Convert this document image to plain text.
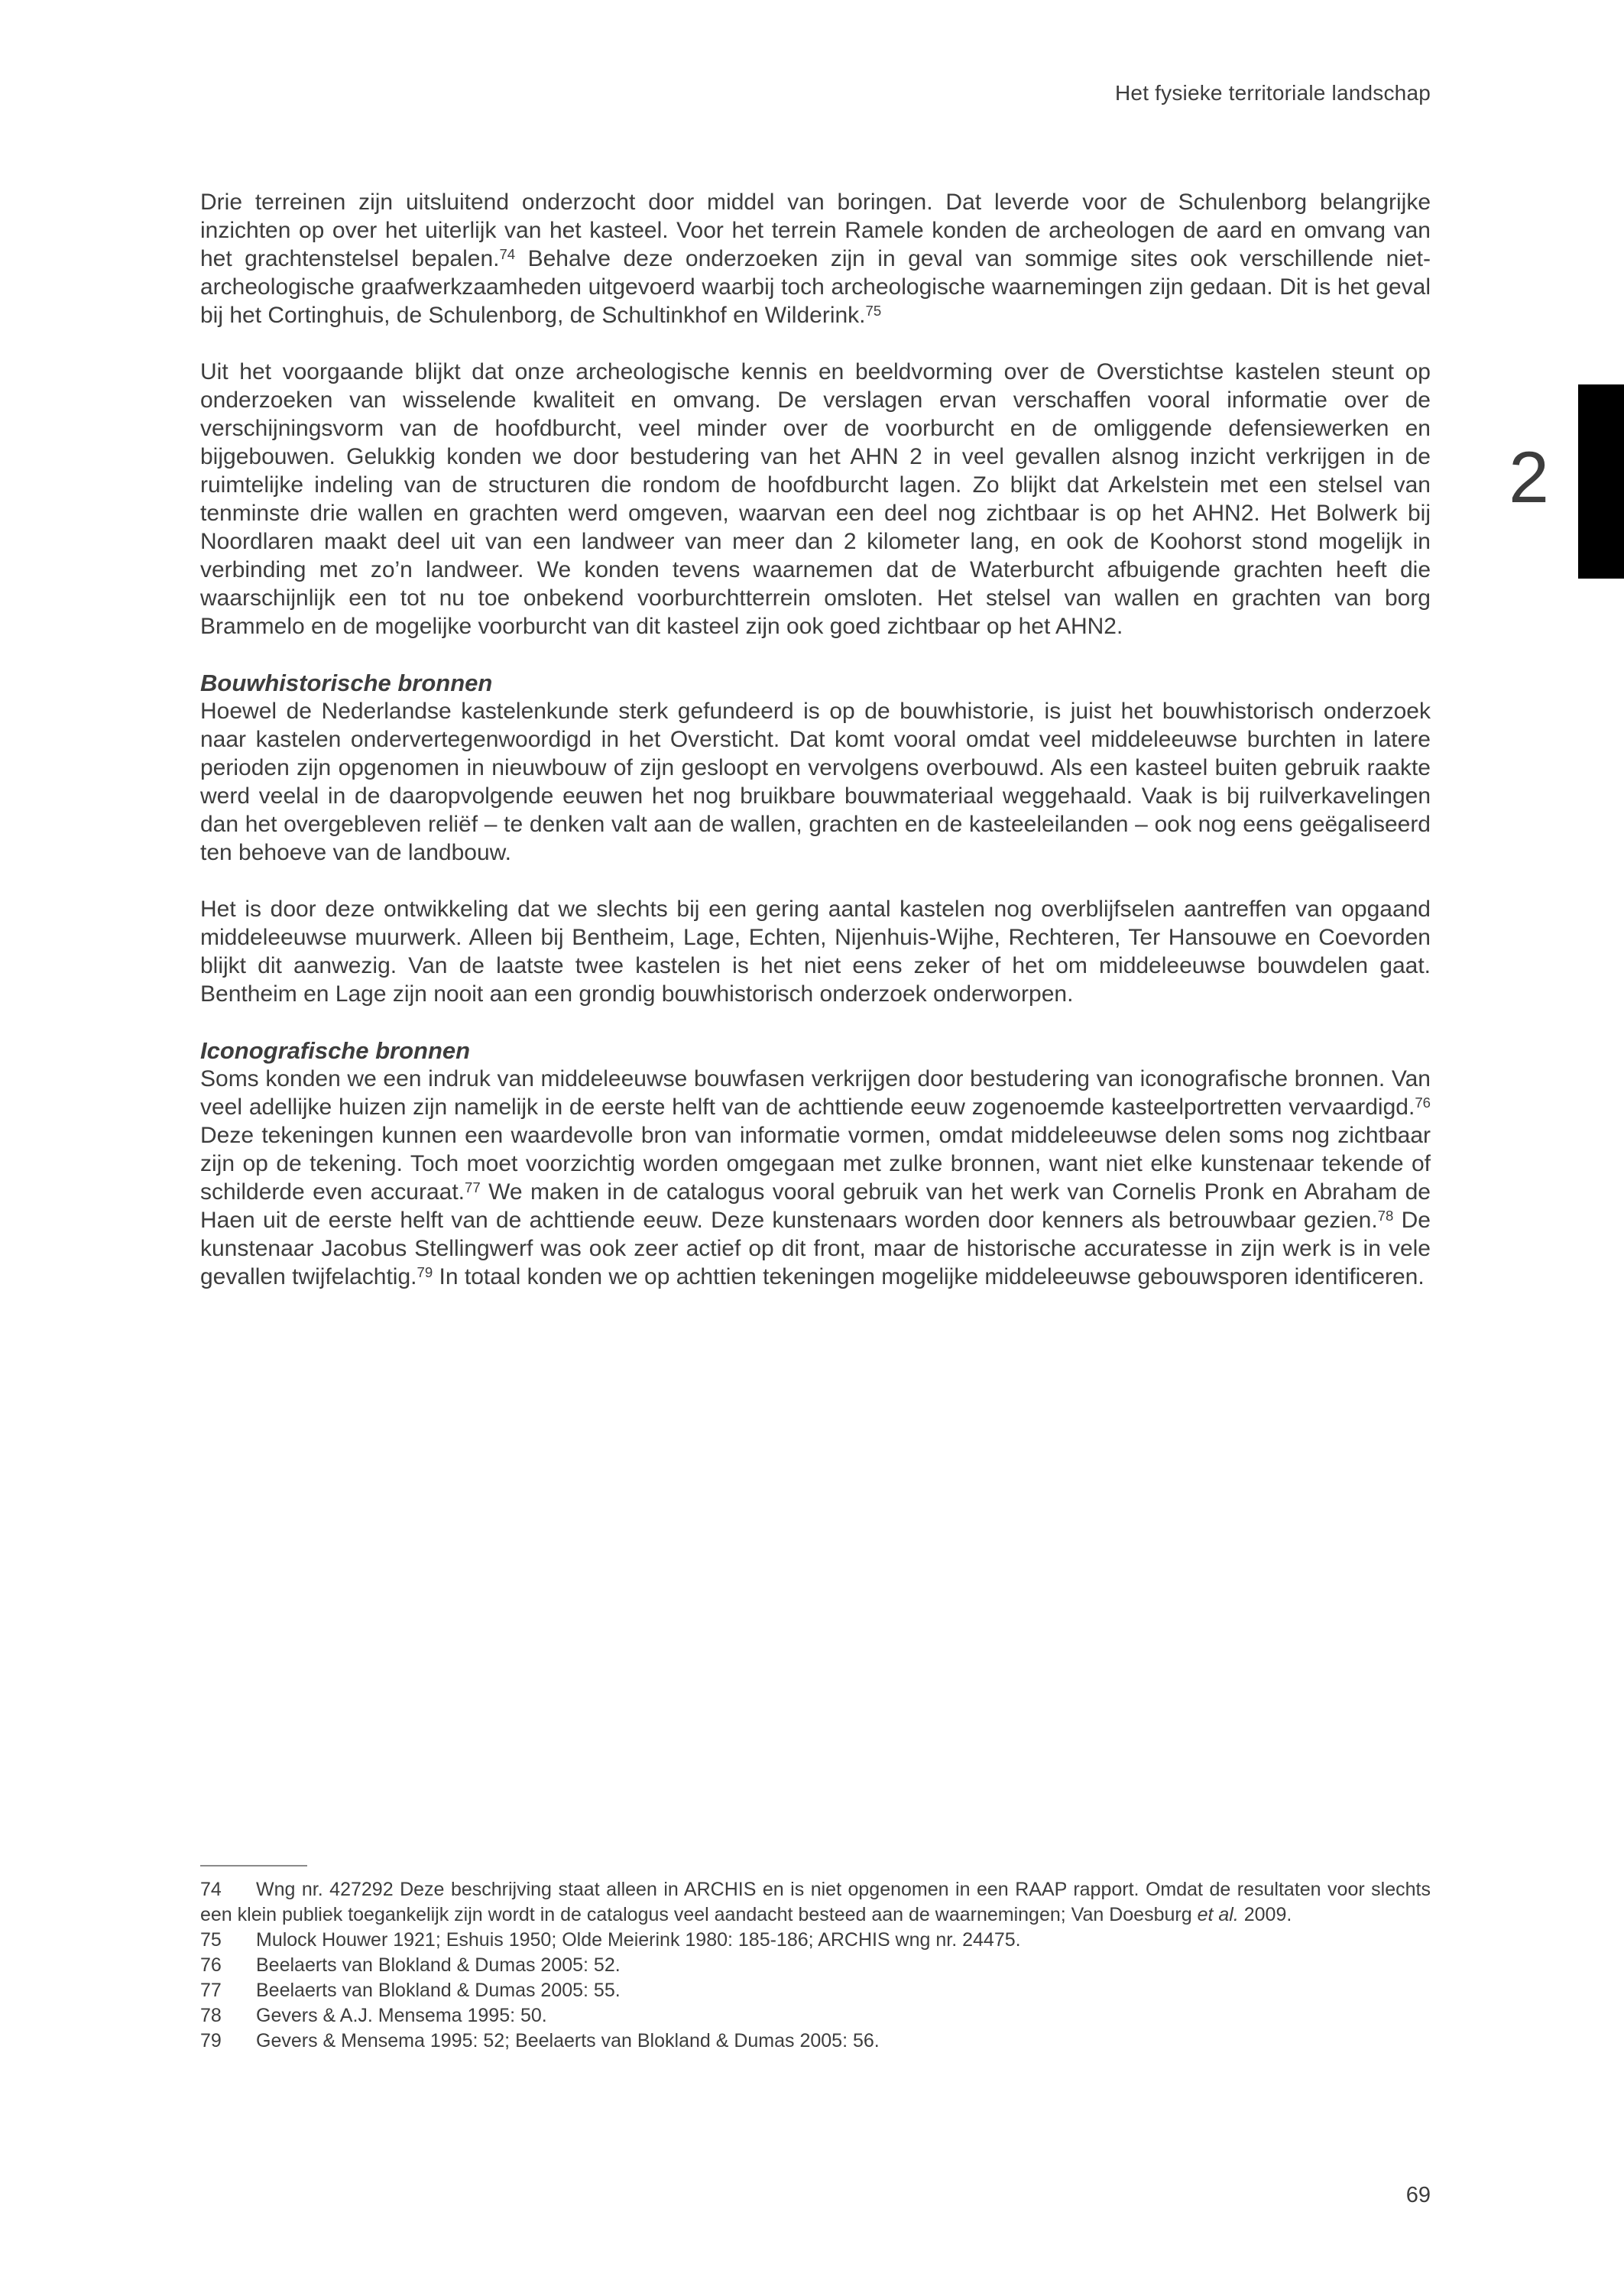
Het fysieke territoriale landschap
2

Drie terreinen zijn uitsluitend onderzocht door middel van boringen. Dat leverde voor de Schulenborg belangrijke inzichten op over het uiterlijk van het kasteel. Voor het terrein Ramele konden de archeologen de aard en omvang van het grachtenstelsel bepalen.$^{74}$ Behalve deze onderzoeken zijn in geval van sommige sites ook verschillende niet-archeologische graafwerkzaamheden uitgevoerd waarbij toch archeologische waarnemingen zijn gedaan. Dit is het geval bij het Cortinghuis, de Schulenborg, de Schultinkhof en Wilderink.$^{75}$

Uit het voorgaande blijkt dat onze archeologische kennis en beeldvorming over de Overstichtse kastelen steunt op onderzoeken van wisselende kwaliteit en omvang. De verslagen ervan verschaffen vooral informatie over de verschijningsvorm van de hoofdburcht, veel minder over de voorburcht en de omliggende defensiewerken en bijgebouwen. Gelukkig konden we door bestudering van het AHN 2 in veel gevallen alsnog inzicht verkrijgen in de ruimtelijke indeling van de structuren die rondom de hoofdburcht lagen. Zo blijkt dat Arkelstein met een stelsel van tenminste drie wallen en grachten werd omgeven, waarvan een deel nog zichtbaar is op het AHN2. Het Bolwerk bij Noordlaren maakt deel uit van een landweer van meer dan 2 kilometer lang, en ook de Koohorst stond mogelijk in verbinding met zo’n landweer. We konden tevens waarnemen dat de Waterburcht afbuigende grachten heeft die waarschijnlijk een tot nu toe onbekend voorburchtterrein omsloten. Het stelsel van wallen en grachten van borg Brammelo en de mogelijke voorburcht van dit kasteel zijn ook goed zichtbaar op het AHN2.

Bouwhistorische bronnen

Hoewel de Nederlandse kastelenkunde sterk gefundeerd is op de bouwhistorie, is juist het bouwhistorisch onderzoek naar kastelen ondervertegenwoordigd in het Oversticht. Dat komt vooral omdat veel middeleeuwse burchten in latere perioden zijn opgenomen in nieuwbouw of zijn gesloopt en vervolgens overbouwd. Als een kasteel buiten gebruik raakte werd veelal in de daaropvolgende eeuwen het nog bruikbare bouwmateriaal weggehaald. Vaak is bij ruilverkavelingen dan het overgebleven reliëf – te denken valt aan de wallen, grachten en de kasteeleilanden – ook nog eens geëgaliseerd ten behoeve van de landbouw.

Het is door deze ontwikkeling dat we slechts bij een gering aantal kastelen nog overblijfselen aantreffen van opgaand middeleeuwse muurwerk. Alleen bij Bentheim, Lage, Echten, Nijenhuis-Wijhe, Rechteren, Ter Hansouwe en Coevorden blijkt dit aanwezig. Van de laatste twee kastelen is het niet eens zeker of het om middeleeuwse bouwdelen gaat. Bentheim en Lage zijn nooit aan een grondig bouwhistorisch onderzoek onderworpen.

Iconografische bronnen

Soms konden we een indruk van middeleeuwse bouwfasen verkrijgen door bestudering van iconografische bronnen. Van veel adellijke huizen zijn namelijk in de eerste helft van de achttiende eeuw zogenoemde kasteelportretten vervaardigd.$^{76}$ Deze tekeningen kunnen een waardevolle bron van informatie vormen, omdat middeleeuwse delen soms nog zichtbaar zijn op de tekening. Toch moet voorzichtig worden omgegaan met zulke bronnen, want niet elke kunstenaar tekende of schilderde even accuraat.$^{77}$ We maken in de catalogus vooral gebruik van het werk van Cornelis Pronk en Abraham de Haen uit de eerste helft van de achttiende eeuw. Deze kunstenaars worden door kenners als betrouwbaar gezien.$^{78}$ De kunstenaar Jacobus Stellingwerf was ook zeer actief op dit front, maar de historische accuratesse in zijn werk is in vele gevallen twijfelachtig.$^{79}$ In totaal konden we op achttien tekeningen mogelijke middeleeuwse gebouwsporen identificeren.

74 Wng nr. 427292 Deze beschrijving staat alleen in ARCHIS en is niet opgenomen in een RAAP rapport. Omdat de resultaten voor slechts een klein publiek toegankelijk zijn wordt in de catalogus veel aandacht besteed aan de waarnemingen; Van Doesburg et al. 2009.

75 Mulock Houwer 1921; Eshuis 1950; Olde Meierink 1980: 185-186; ARCHIS wng nr. 24475.

76 Beelaerts van Blokland & Dumas 2005: 52.

77 Beelaerts van Blokland & Dumas 2005: 55.

78 Gevers & A.J. Mensema 1995: 50.

79 Gevers & Mensema 1995: 52; Beelaerts van Blokland & Dumas 2005: 56.

69
